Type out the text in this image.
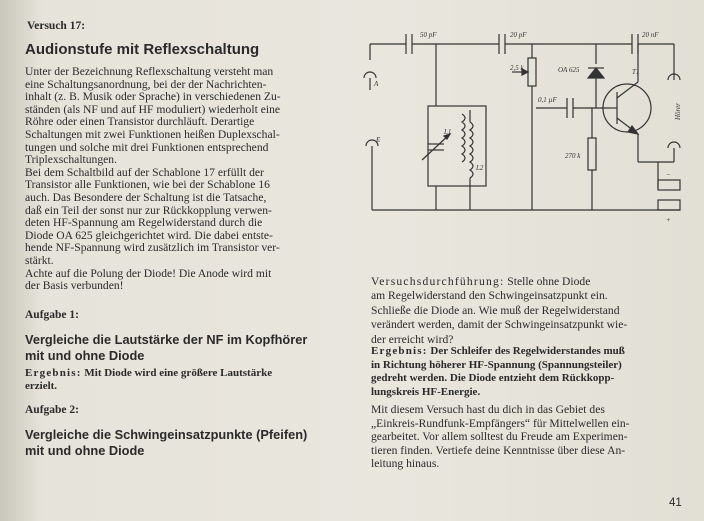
Versuch 17:
Audionstufe mit Reflexschaltung
Unter der Bezeichnung Reflexschaltung versteht man
eine Schaltungsanordnung, bei der der Nachrichten-
inhalt (z. B. Musik oder Sprache) in verschiedenen Zu-
ständen (als NF und auf HF moduliert) wiederholt eine
Röhre oder einen Transistor durchläuft. Derartige
Schaltungen mit zwei Funktionen heißen Duplexschal-
tungen und solche mit drei Funktionen entsprechend
Triplexschaltungen.
Bei dem Schaltbild auf der Schablone 17 erfüllt der
Transistor alle Funktionen, wie bei der Schablone 16
auch. Das Besondere der Schaltung ist die Tatsache,
daß ein Teil der sonst nur zur Rückkopplung verwen-
deten HF-Spannung am Regelwiderstand durch die
Diode OA 625 gleichgerichtet wird. Die dabei entste-
hende NF-Spannung wird zusätzlich im Transistor ver-
stärkt.
Achte auf die Polung der Diode! Die Anode wird mit
der Basis verbunden!
Aufgabe 1:
Vergleiche die Lautstärke der NF im Kopfhörer
mit und ohne Diode
Ergebnis: Mit Diode wird eine größere Lautstärke
erzielt.
Aufgabe 2:
Vergleiche die Schwingeinsatzpunkte (Pfeifen)
mit und ohne Diode
50 pF	20 pF	20 nF
A
E
L1
L2
2,5 k
0,1 µF
OA 625
270 k
T1
Hörer
−
+
Versuchsdurchführung: Stelle ohne Diode
am Regelwiderstand den Schwingeinsatzpunkt ein.
Schließe die Diode an. Wie muß der Regelwiderstand
verändert werden, damit der Schwingeinsatzpunkt wie-
der erreicht wird?
Ergebnis: Der Schleifer des Regelwiderstandes muß
in Richtung höherer HF-Spannung (Spannungsteiler)
gedreht werden. Die Diode entzieht dem Rückkopp-
lungskreis HF-Energie.
Mit diesem Versuch hast du dich in das Gebiet des
„Einkreis-Rundfunk-Empfängers“ für Mittelwellen ein-
gearbeitet. Vor allem solltest du Freude am Experimen-
tieren finden. Vertiefe deine Kenntnisse über diese An-
leitung hinaus.
41
